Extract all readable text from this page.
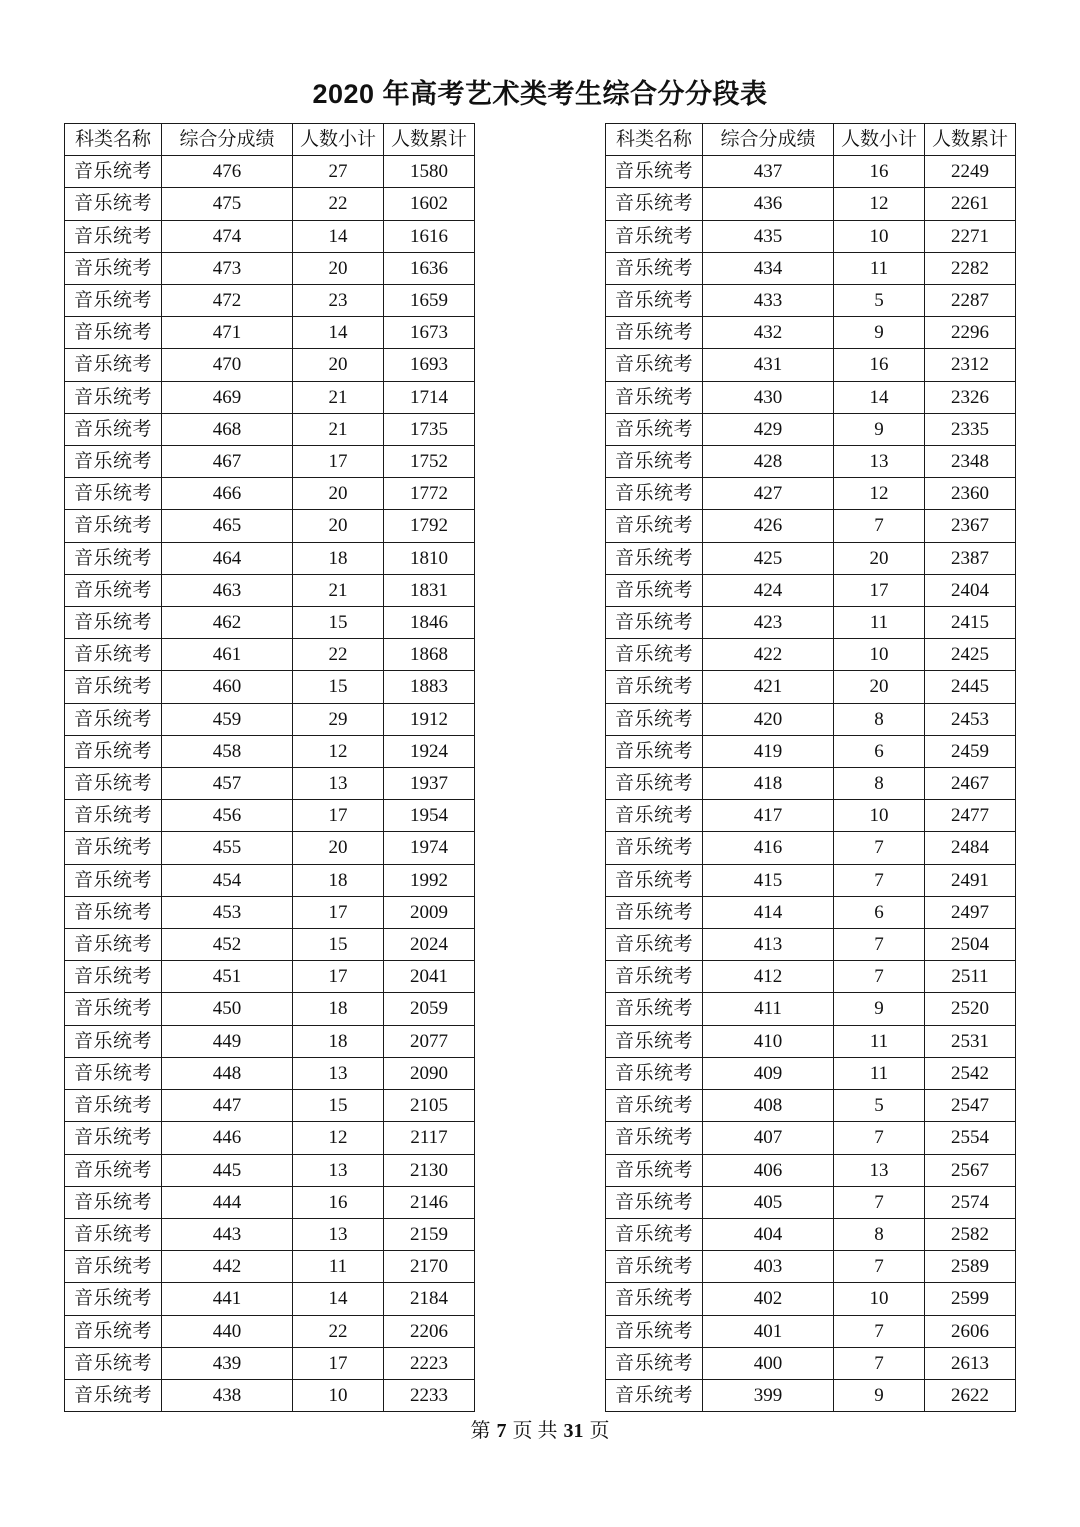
2020 年高考艺术类考生综合分分段表
科类名称	综合分成绩	人数小计	人数累计
音乐统考	476	27	1580
音乐统考	475	22	1602
音乐统考	474	14	1616
音乐统考	473	20	1636
音乐统考	472	23	1659
音乐统考	471	14	1673
音乐统考	470	20	1693
音乐统考	469	21	1714
音乐统考	468	21	1735
音乐统考	467	17	1752
音乐统考	466	20	1772
音乐统考	465	20	1792
音乐统考	464	18	1810
音乐统考	463	21	1831
音乐统考	462	15	1846
音乐统考	461	22	1868
音乐统考	460	15	1883
音乐统考	459	29	1912
音乐统考	458	12	1924
音乐统考	457	13	1937
音乐统考	456	17	1954
音乐统考	455	20	1974
音乐统考	454	18	1992
音乐统考	453	17	2009
音乐统考	452	15	2024
音乐统考	451	17	2041
音乐统考	450	18	2059
音乐统考	449	18	2077
音乐统考	448	13	2090
音乐统考	447	15	2105
音乐统考	446	12	2117
音乐统考	445	13	2130
音乐统考	444	16	2146
音乐统考	443	13	2159
音乐统考	442	11	2170
音乐统考	441	14	2184
音乐统考	440	22	2206
音乐统考	439	17	2223
音乐统考	438	10	2233
科类名称	综合分成绩	人数小计	人数累计
音乐统考	437	16	2249
音乐统考	436	12	2261
音乐统考	435	10	2271
音乐统考	434	11	2282
音乐统考	433	5	2287
音乐统考	432	9	2296
音乐统考	431	16	2312
音乐统考	430	14	2326
音乐统考	429	9	2335
音乐统考	428	13	2348
音乐统考	427	12	2360
音乐统考	426	7	2367
音乐统考	425	20	2387
音乐统考	424	17	2404
音乐统考	423	11	2415
音乐统考	422	10	2425
音乐统考	421	20	2445
音乐统考	420	8	2453
音乐统考	419	6	2459
音乐统考	418	8	2467
音乐统考	417	10	2477
音乐统考	416	7	2484
音乐统考	415	7	2491
音乐统考	414	6	2497
音乐统考	413	7	2504
音乐统考	412	7	2511
音乐统考	411	9	2520
音乐统考	410	11	2531
音乐统考	409	11	2542
音乐统考	408	5	2547
音乐统考	407	7	2554
音乐统考	406	13	2567
音乐统考	405	7	2574
音乐统考	404	8	2582
音乐统考	403	7	2589
音乐统考	402	10	2599
音乐统考	401	7	2606
音乐统考	400	7	2613
音乐统考	399	9	2622
第 7 页 共 31 页
